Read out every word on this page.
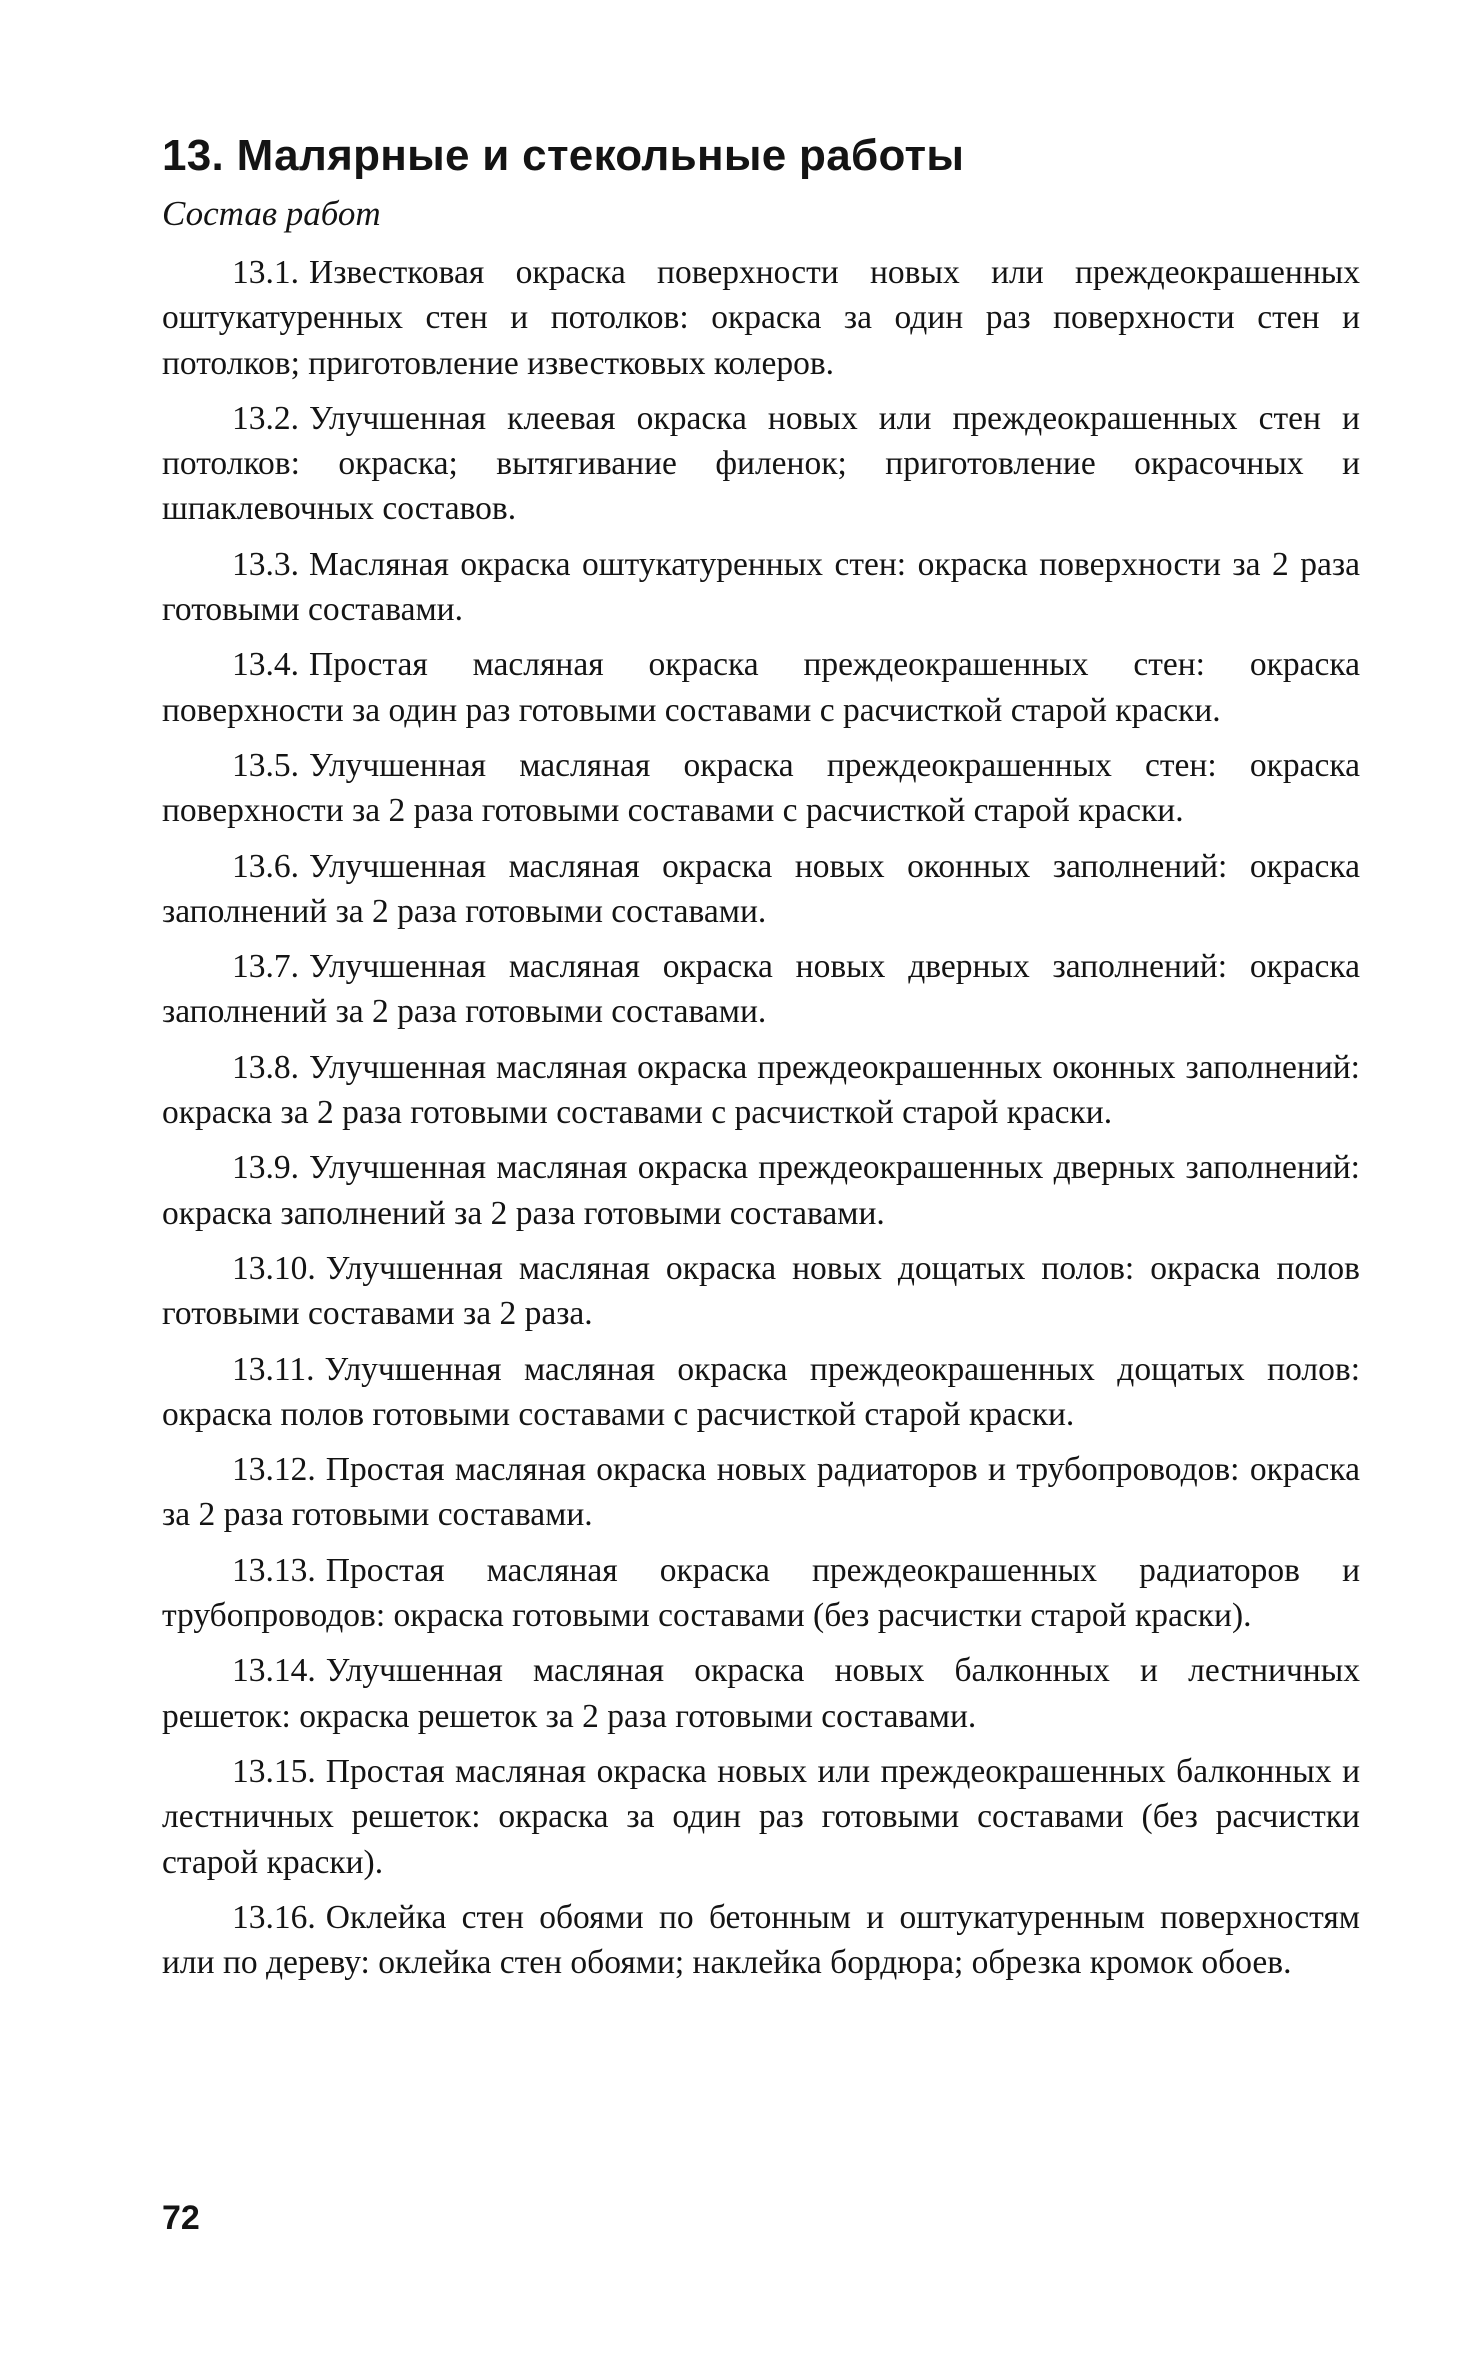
13. Малярные и стекольные работы
Состав работ

13.1. Известковая окраска поверхности новых или преждеокрашенных оштукатуренных стен и потолков: окраска за один раз поверхности стен и потолков; приготовление известковых колеров.

13.2. Улучшенная клеевая окраска новых или преждеокрашенных стен и потолков: окраска; вытягивание филенок; приготовление окрасочных и шпаклевочных составов.

13.3. Масляная окраска оштукатуренных стен: окраска поверхности за 2 раза готовыми составами.

13.4. Простая масляная окраска преждеокрашенных стен: окраска поверхности за один раз готовыми составами с расчисткой старой краски.

13.5. Улучшенная масляная окраска преждеокрашенных стен: окраска поверхности за 2 раза готовыми составами с расчисткой старой краски.

13.6. Улучшенная масляная окраска новых оконных заполнений: окраска заполнений за 2 раза готовыми составами.

13.7. Улучшенная масляная окраска новых дверных заполнений: окраска заполнений за 2 раза готовыми составами.

13.8. Улучшенная масляная окраска преждеокрашенных оконных заполнений: окраска за 2 раза готовыми составами с расчисткой старой краски.

13.9. Улучшенная масляная окраска преждеокрашенных дверных заполнений: окраска заполнений за 2 раза готовыми составами.

13.10. Улучшенная масляная окраска новых дощатых полов: окраска полов готовыми составами за 2 раза.

13.11. Улучшенная масляная окраска преждеокрашенных дощатых полов: окраска полов готовыми составами с расчисткой старой краски.

13.12. Простая масляная окраска новых радиаторов и трубопроводов: окраска за 2 раза готовыми составами.

13.13. Простая масляная окраска преждеокрашенных радиаторов и трубопроводов: окраска готовыми составами (без расчистки старой краски).

13.14. Улучшенная масляная окраска новых балконных и лестничных решеток: окраска решеток за 2 раза готовыми составами.

13.15. Простая масляная окраска новых или преждеокрашенных балконных и лестничных решеток: окраска за один раз готовыми составами (без расчистки старой краски).

13.16. Оклейка стен обоями по бетонным и оштукатуренным поверхностям или по дереву: оклейка стен обоями; наклейка бордюра; обрезка кромок обоев.

72
